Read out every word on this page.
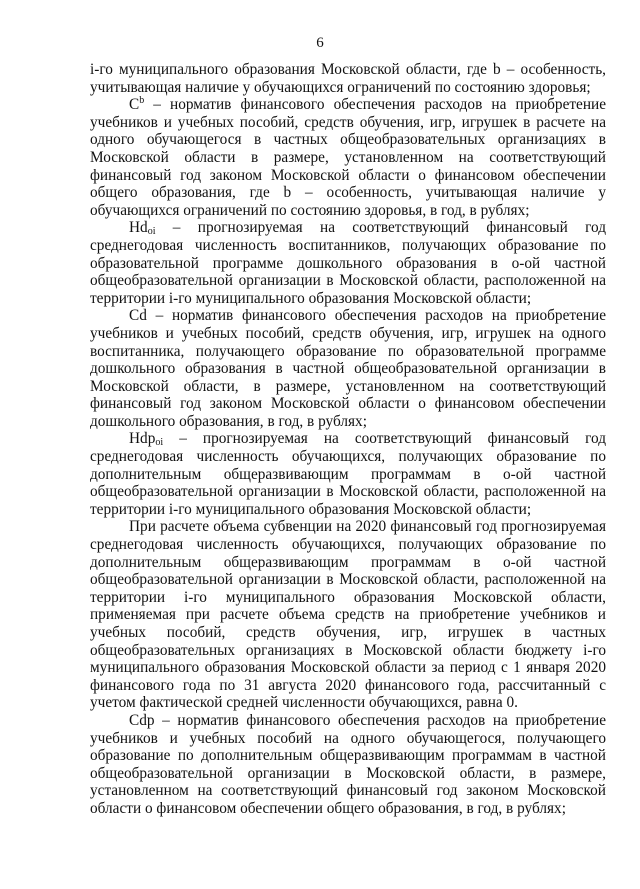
6

i-го муниципального образования Московской области, где b – особенность, учитывающая наличие у обучающихся ограничений по состоянию здоровья;

$C^b$ – норматив финансового обеспечения расходов на приобретение учебников и учебных пособий, средств обучения, игр, игрушек в расчете на одного обучающегося в частных общеобразовательных организациях в Московской области в размере, установленном на соответствующий финансовый год законом Московской области о финансовом обеспечении общего образования, где b – особенность, учитывающая наличие у обучающихся ограничений по состоянию здоровья, в год, в рублях;

$Hd_{oi}$ – прогнозируемая на соответствующий финансовый год среднегодовая численность воспитанников, получающих образование по образовательной программе дошкольного образования в о-ой частной общеобразовательной организации в Московской области, расположенной на территории i-го муниципального образования Московской области;

Cd – норматив финансового обеспечения расходов на приобретение учебников и учебных пособий, средств обучения, игр, игрушек на одного воспитанника, получающего образование по образовательной программе дошкольного образования в частной общеобразовательной организации в Московской области, в размере, установленном на соответствующий финансовый год законом Московской области о финансовом обеспечении дошкольного образования, в год, в рублях;

Hdp$_{oi}$ – прогнозируемая на соответствующий финансовый год среднегодовая численность обучающихся, получающих образование по дополнительным общеразвивающим программам в о-ой частной общеобразовательной организации в Московской области, расположенной на территории i-го муниципального образования Московской области;

При расчете объема субвенции на 2020 финансовый год прогнозируемая среднегодовая численность обучающихся, получающих образование по дополнительным общеразвивающим программам в о-ой частной общеобразовательной организации в Московской области, расположенной на территории i-го муниципального образования Московской области, применяемая при расчете объема средств на приобретение учебников и учебных пособий, средств обучения, игр, игрушек в частных общеобразовательных организациях в Московской области бюджету i-го муниципального образования Московской области за период с 1 января 2020 финансового года по 31 августа 2020 финансового года, рассчитанный с учетом фактической средней численности обучающихся, равна 0.

Cdp – норматив финансового обеспечения расходов на приобретение учебников и учебных пособий на одного обучающегося, получающего образование по дополнительным общеразвивающим программам в частной общеобразовательной организации в Московской области, в размере, установленном на соответствующий финансовый год законом Московской области о финансовом обеспечении общего образования, в год, в рублях;
